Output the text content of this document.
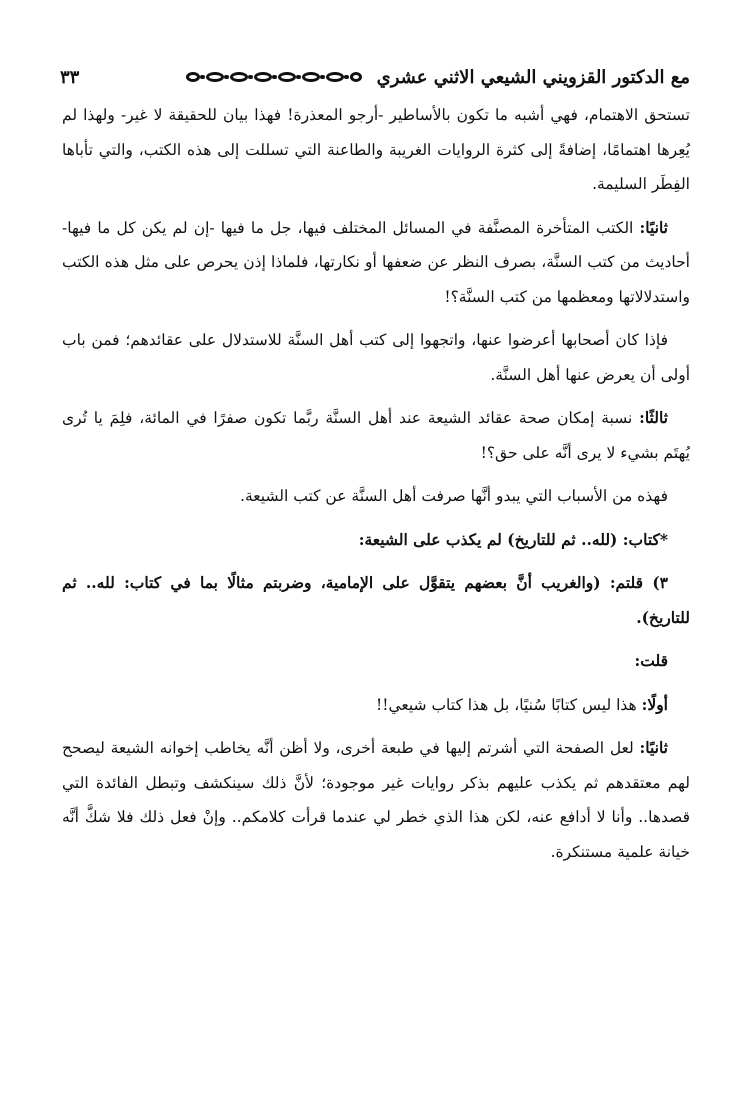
مع الدكتور القزويني الشيعي الاثني عشري
٣٣

تستحق الاهتمام، فهي أشبه ما تكون بالأساطير -أرجو المعذرة! فهذا بيان للحقيقة لا غير- ولهذا لم يُعِرها اهتمامًا، إضافةً إلى كثرة الروايات الغريبة والطاعنة التي تسللت إلى هذه الكتب، والتي تأباها الفِطَر السليمة.

ثانيًا: الكتب المتأخرة المصنَّفة في المسائل المختلف فيها، جل ما فيها -إن لم يكن كل ما فيها- أحاديث من كتب السنَّة، بصرف النظر عن ضعفها أو نكارتها، فلماذا إذن يحرص على مثل هذه الكتب واستدلالاتها ومعظمها من كتب السنَّة؟!

فإذا كان أصحابها أعرضوا عنها، واتجهوا إلى كتب أهل السنَّة للاستدلال على عقائدهم؛ فمن باب أولى أن يعرض عنها أهل السنَّة.

ثالثًا: نسبة إمكان صحة عقائد الشيعة عند أهل السنَّة ربَّما تكون صفرًا في المائة، فلِمَ يا تُرى يُهتَم بشيء لا يرى أنَّه على حق؟!

فهذه من الأسباب التي يبدو أنَّها صرفت أهل السنَّة عن كتب الشيعة.

*كتاب: (لله.. ثم للتاريخ) لم يكذب على الشيعة:

٣) قلتم: (والغريب أنَّ بعضهم يتقوَّل على الإمامية، وضربتم مثالًا بما في كتاب: لله.. ثم للتاريخ).

قلت:

أولًا: هذا ليس كتابًا سُنيًا، بل هذا كتاب شيعي!!

ثانيًا: لعل الصفحة التي أشرتم إليها في طبعة أخرى، ولا أظن أنَّه يخاطب إخوانه الشيعة ليصحح لهم معتقدهم ثم يكذب عليهم بذكر روايات غير موجودة؛ لأنَّ ذلك سينكشف وتبطل الفائدة التي قصدها.. وأنا لا أدافع عنه، لكن هذا الذي خطر لي عندما قرأت كلامكم.. وإنْ فعل ذلك فلا شكَّ أنَّه خيانة علمية مستنكرة.
